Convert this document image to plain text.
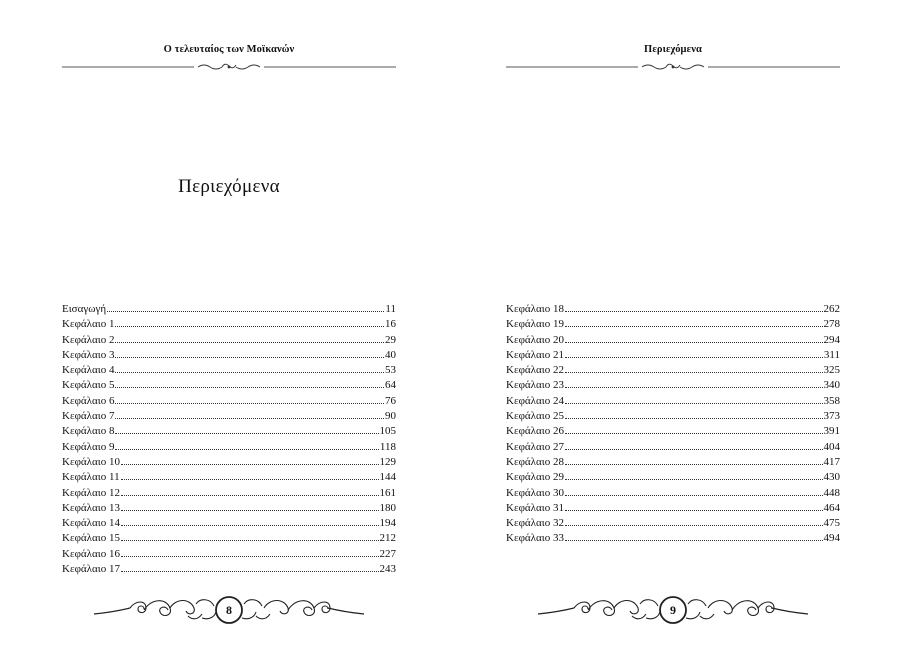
Ο τελευταίος των Μοϊκανών
Περιεχόμενα
Εισαγωγή	11
Κεφάλαιο 1	16
Κεφάλαιο 2	29
Κεφάλαιο 3	40
Κεφάλαιο 4	53
Κεφάλαιο 5	64
Κεφάλαιο 6	76
Κεφάλαιο 7	90
Κεφάλαιο 8	105
Κεφάλαιο 9	118
Κεφάλαιο 10	129
Κεφάλαιο 11	144
Κεφάλαιο 12	161
Κεφάλαιο 13	180
Κεφάλαιο 14	194
Κεφάλαιο 15	212
Κεφάλαιο 16	227
Κεφάλαιο 17	243
8
Περιεχόμενα
Κεφάλαιο 18	262
Κεφάλαιο 19	278
Κεφάλαιο 20	294
Κεφάλαιο 21	311
Κεφάλαιο 22	325
Κεφάλαιο 23	340
Κεφάλαιο 24	358
Κεφάλαιο 25	373
Κεφάλαιο 26	391
Κεφάλαιο 27	404
Κεφάλαιο 28	417
Κεφάλαιο 29	430
Κεφάλαιο 30	448
Κεφάλαιο 31	464
Κεφάλαιο 32	475
Κεφάλαιο 33	494
9
